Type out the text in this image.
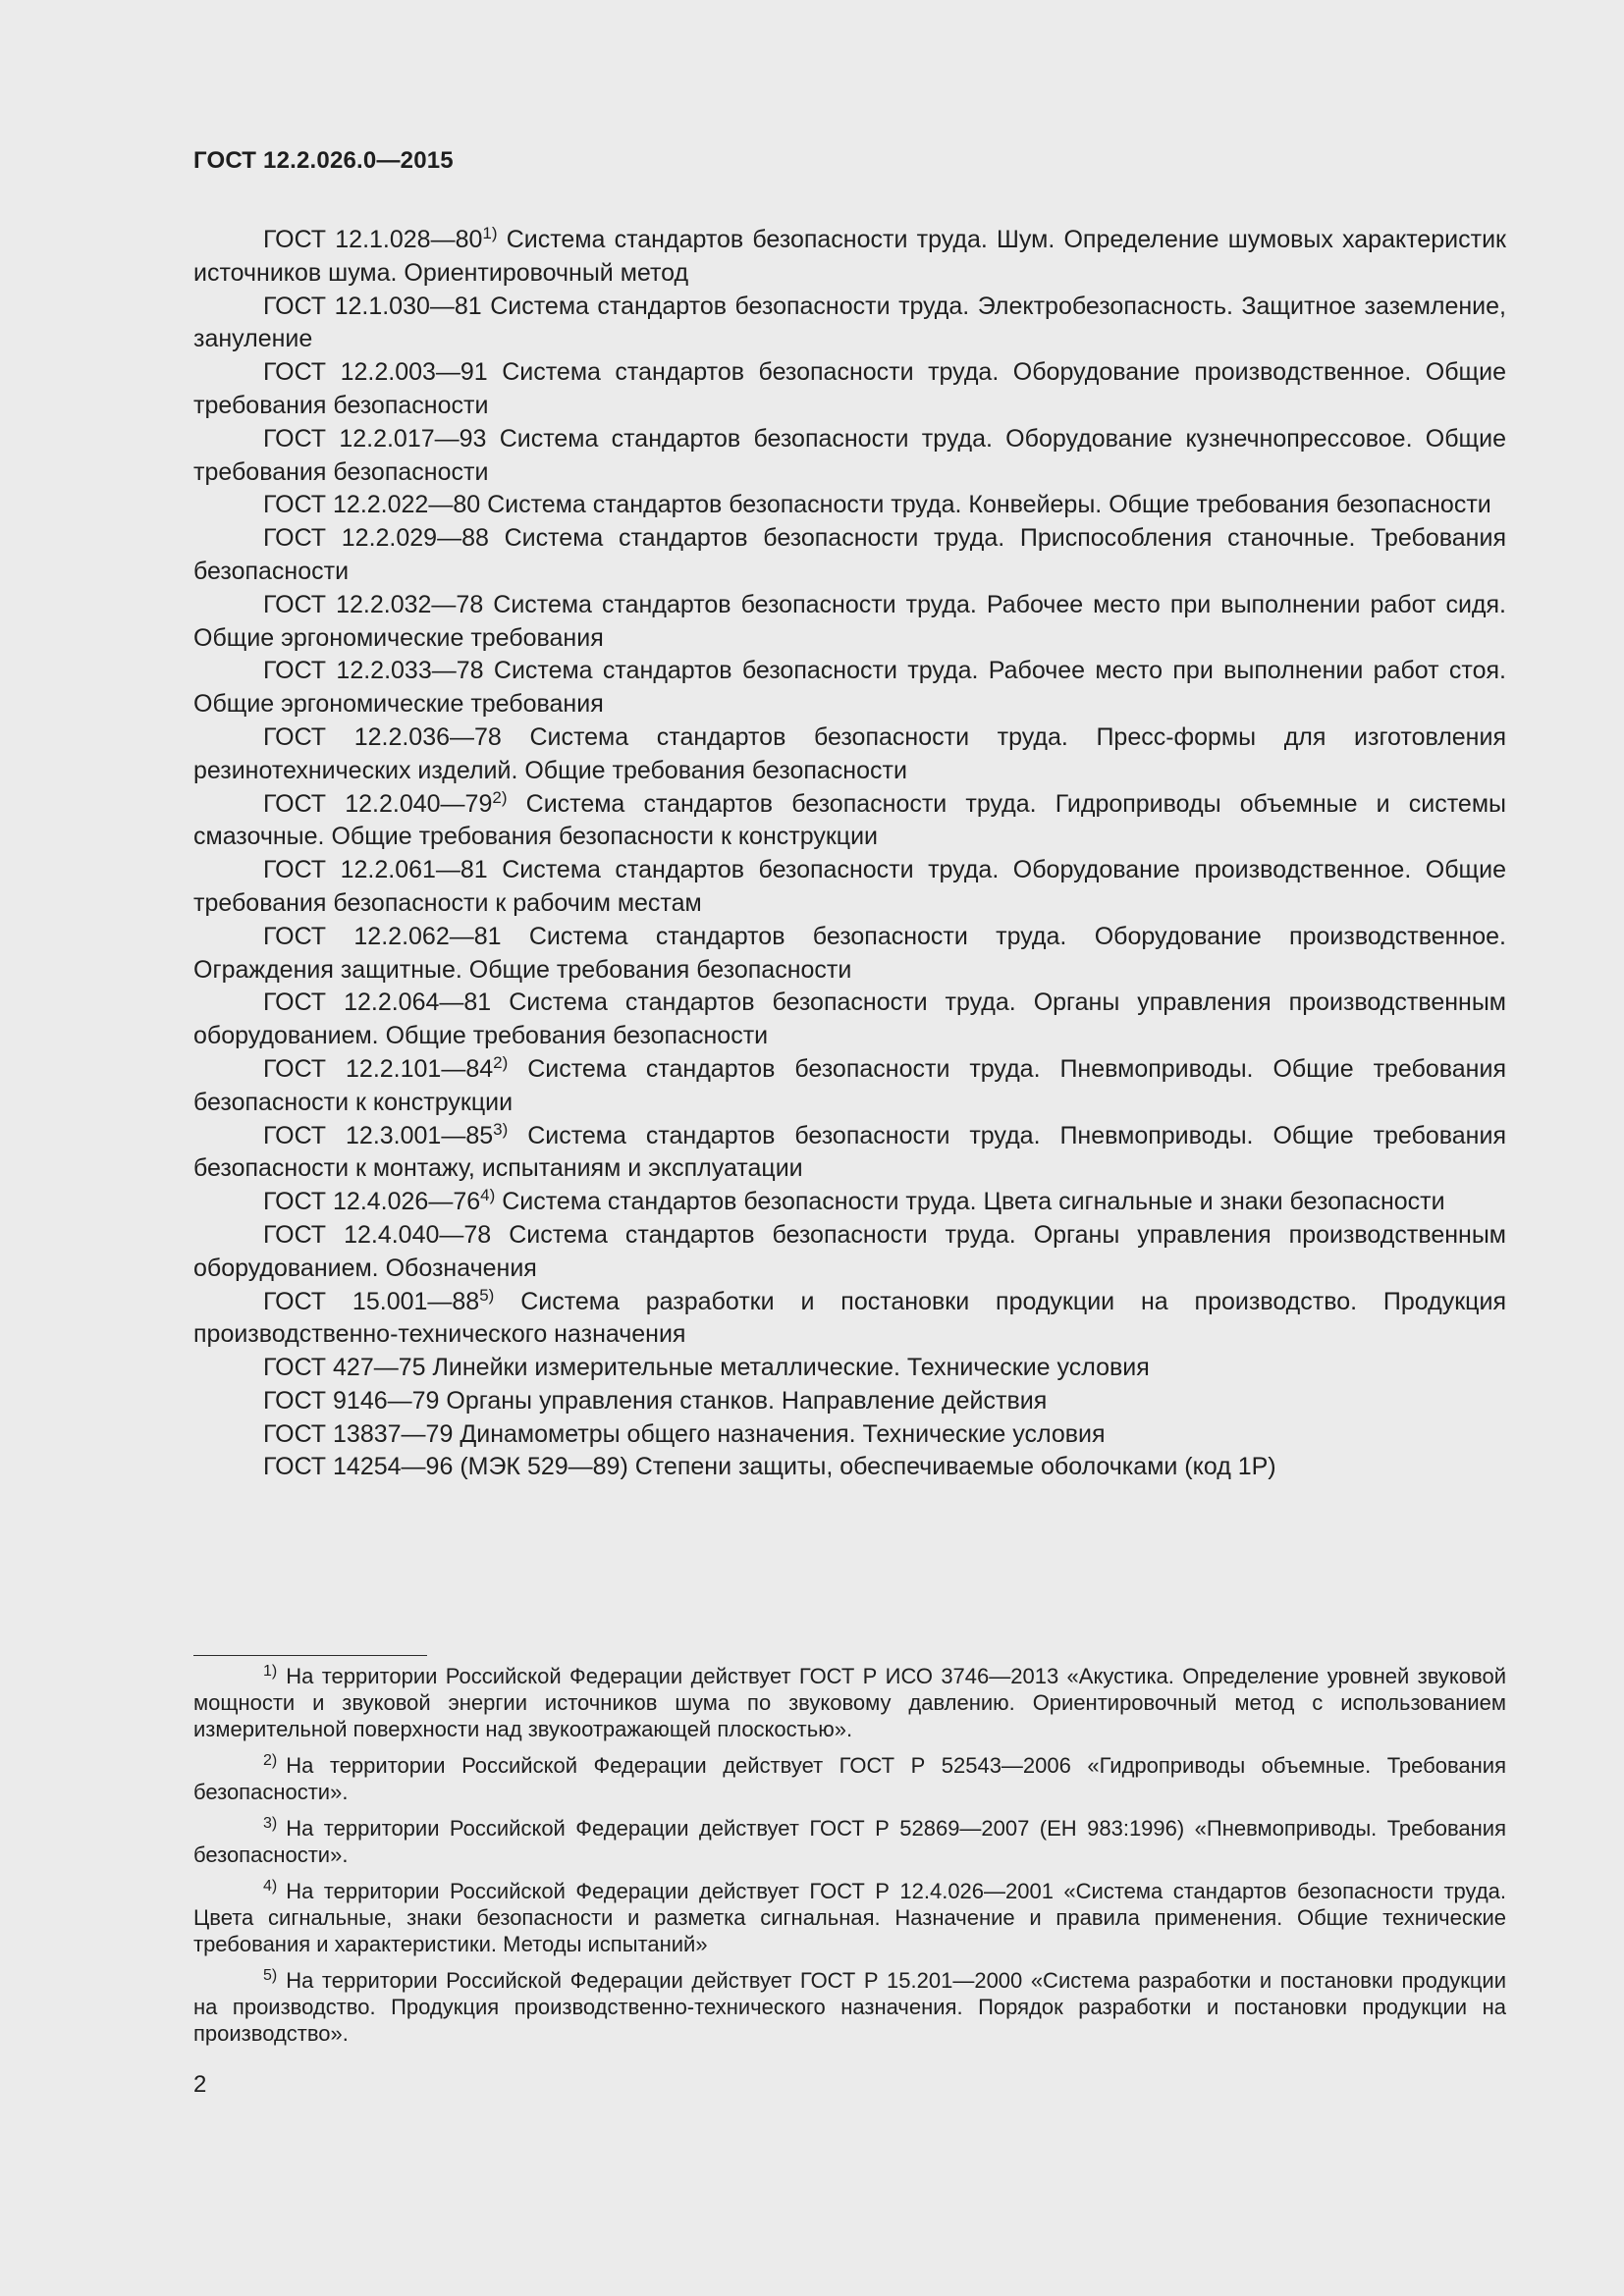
ГОСТ 12.2.026.0—2015

ГОСТ 12.1.028—80$^{1)}$ Система стандартов безопасности труда. Шум. Определение шумовых характеристик источников шума. Ориентировочный метод

ГОСТ 12.1.030—81 Система стандартов безопасности труда. Электробезопасность. Защитное заземление, зануление

ГОСТ 12.2.003—91 Система стандартов безопасности труда. Оборудование производственное. Общие требования безопасности

ГОСТ 12.2.017—93 Система стандартов безопасности труда. Оборудование кузнечнопрессовое. Общие требования безопасности

ГОСТ 12.2.022—80 Система стандартов безопасности труда. Конвейеры. Общие требования безопасности

ГОСТ 12.2.029—88 Система стандартов безопасности труда. Приспособления станочные. Требования безопасности

ГОСТ 12.2.032—78 Система стандартов безопасности труда. Рабочее место при выполнении работ сидя. Общие эргономические требования

ГОСТ 12.2.033—78 Система стандартов безопасности труда. Рабочее место при выполнении работ стоя. Общие эргономические требования

ГОСТ 12.2.036—78 Система стандартов безопасности труда. Пресс-формы для изготовления резинотехнических изделий. Общие требования безопасности

ГОСТ 12.2.040—79$^{2)}$ Система стандартов безопасности труда. Гидроприводы объемные и системы смазочные. Общие требования безопасности к конструкции

ГОСТ 12.2.061—81 Система стандартов безопасности труда. Оборудование производственное. Общие требования безопасности к рабочим местам

ГОСТ 12.2.062—81 Система стандартов безопасности труда. Оборудование производственное. Ограждения защитные. Общие требования безопасности

ГОСТ 12.2.064—81 Система стандартов безопасности труда. Органы управления производственным оборудованием. Общие требования безопасности

ГОСТ 12.2.101—84$^{2)}$ Система стандартов безопасности труда. Пневмоприводы. Общие требования безопасности к конструкции

ГОСТ 12.3.001—85$^{3)}$ Система стандартов безопасности труда. Пневмоприводы. Общие требования безопасности к монтажу, испытаниям и эксплуатации

ГОСТ 12.4.026—76$^{4)}$ Система стандартов безопасности труда. Цвета сигнальные и знаки безопасности

ГОСТ 12.4.040—78 Система стандартов безопасности труда. Органы управления производственным оборудованием. Обозначения

ГОСТ 15.001—88$^{5)}$ Система разработки и постановки продукции на производство. Продукция производственно-технического назначения

ГОСТ 427—75 Линейки измерительные металлические. Технические условия

ГОСТ 9146—79 Органы управления станков. Направление действия

ГОСТ 13837—79 Динамометры общего назначения. Технические условия

ГОСТ 14254—96 (МЭК 529—89) Степени защиты, обеспечиваемые оболочками (код 1Р)

$^{1)}$ На территории Российской Федерации действует ГОСТ Р ИСО 3746—2013 «Акустика. Определение уровней звуковой мощности и звуковой энергии источников шума по звуковому давлению. Ориентировочный метод с использованием измерительной поверхности над звукоотражающей плоскостью».

$^{2)}$ На территории Российской Федерации действует ГОСТ Р 52543—2006 «Гидроприводы объемные. Требования безопасности».

$^{3)}$ На территории Российской Федерации действует ГОСТ Р 52869—2007 (ЕН 983:1996) «Пневмоприводы. Требования безопасности».

$^{4)}$ На территории Российской Федерации действует ГОСТ Р 12.4.026—2001 «Система стандартов безопасности труда. Цвета сигнальные, знаки безопасности и разметка сигнальная. Назначение и правила применения. Общие технические требования и характеристики. Методы испытаний»

$^{5)}$ На территории Российской Федерации действует ГОСТ Р 15.201—2000 «Система разработки и постановки продукции на производство. Продукция производственно-технического назначения. Порядок разработки и постановки продукции на производство».

2
